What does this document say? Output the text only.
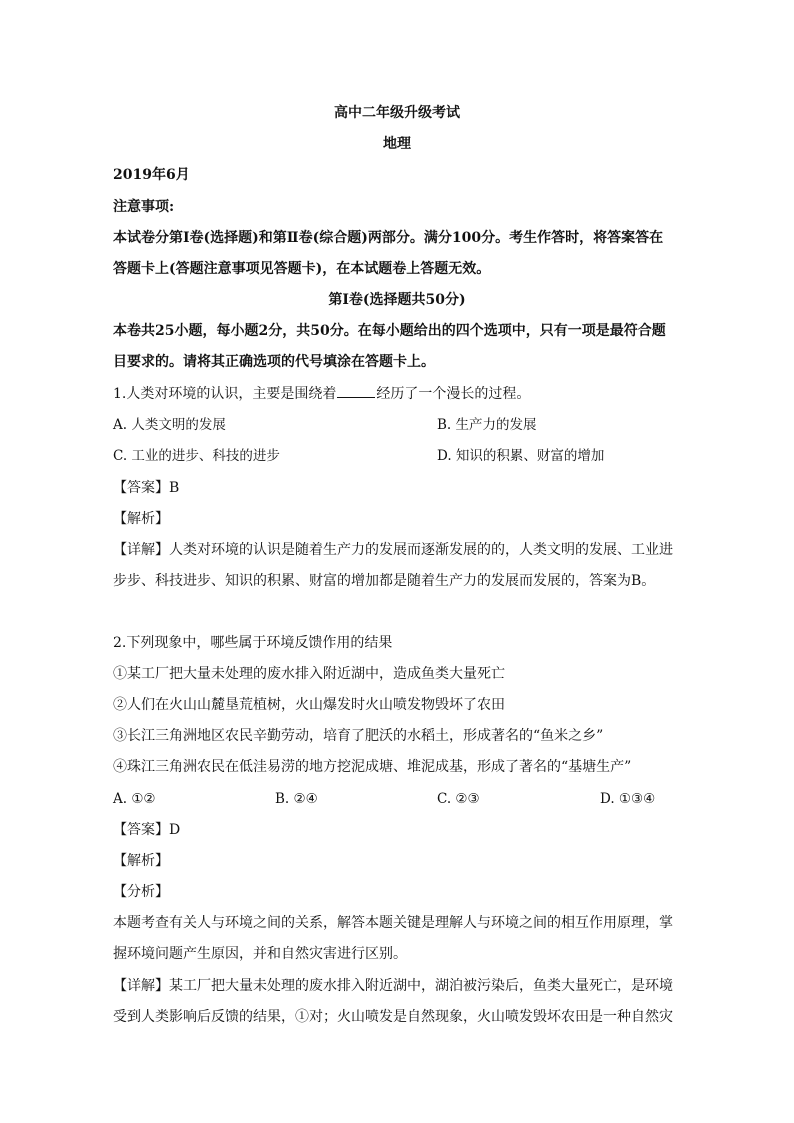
高中二年级升级考试
地理
2019年6月
注意事项:
本试卷分第Ⅰ卷(选择题)和第Ⅱ卷(综合题)两部分。满分100分。考生作答时，将答案答在
答题卡上(答题注意事项见答题卡)，在本试题卷上答题无效。
第Ⅰ卷(选择题共50分)
本卷共25小题，每小题2分，共50分。在每小题给出的四个选项中，只有一项是最符合题
目要求的。请将其正确选项的代号填涂在答题卡上。
1.人类对环境的认识，主要是围绕着	经历了一个漫长的过程。
A. 人类文明的发展	B. 生产力的发展
C. 工业的进步、科技的进步	D. 知识的积累、财富的增加
【答案】B
【解析】
【详解】人类对环境的认识是随着生产力的发展而逐渐发展的的，人类文明的发展、工业进
步步、科技进步、知识的积累、财富的增加都是随着生产力的发展而发展的，答案为B。
2.下列现象中，哪些属于环境反馈作用的结果
①某工厂把大量未处理的废水排入附近湖中，造成鱼类大量死亡
②人们在火山山麓垦荒植树，火山爆发时火山喷发物毁坏了农田
③长江三角洲地区农民辛勤劳动，培育了肥沃的水稻土，形成著名的“鱼米之乡”
④珠江三角洲农民在低洼易涝的地方挖泥成塘、堆泥成基，形成了著名的“基塘生产”
A. ①②	B. ②④	C. ②③	D. ①③④
【答案】D
【解析】
【分析】
本题考查有关人与环境之间的关系，解答本题关键是理解人与环境之间的相互作用原理，掌
握环境问题产生原因，并和自然灾害进行区别。
【详解】某工厂把大量未处理的废水排入附近湖中，湖泊被污染后，鱼类大量死亡，是环境
受到人类影响后反馈的结果，①对；火山喷发是自然现象，火山喷发毁坏农田是一种自然灾
